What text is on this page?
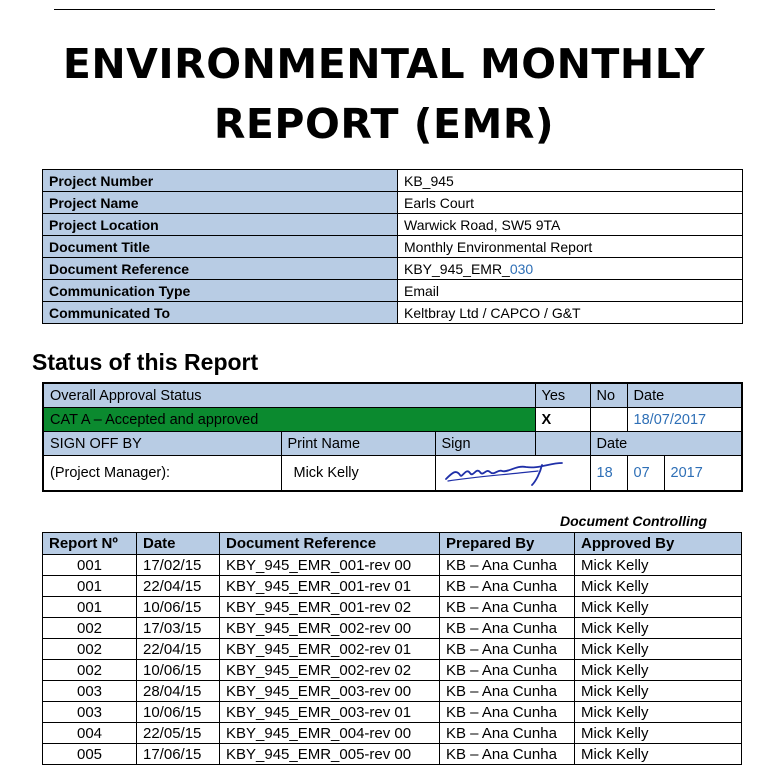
ENVIRONMENTAL MONTHLY
REPORT (EMR)
Project Number	KB_945
Project Name	Earls Court
Project Location	Warwick Road, SW5 9TA
Document Title	Monthly Environmental Report
Document Reference	KBY_945_EMR_030
Communication Type	Email
Communicated To	Keltbray Ltd / CAPCO / G&T
Status of this Report
Overall Approval Status			Yes	No	Date	
CAT A – Accepted and approved			X		18/07/2017	
SIGN OFF BY	Print Name	Sign		Date		
(Project Manager):	Mick Kelly			18	07	2017
Document Controlling
Report Nº	Date	Document Reference	Prepared By	Approved By
001	17/02/15	KBY_945_EMR_001-rev 00	KB – Ana Cunha	Mick Kelly
001	22/04/15	KBY_945_EMR_001-rev 01	KB – Ana Cunha	Mick Kelly
001	10/06/15	KBY_945_EMR_001-rev 02	KB – Ana Cunha	Mick Kelly
002	17/03/15	KBY_945_EMR_002-rev 00	KB – Ana Cunha	Mick Kelly
002	22/04/15	KBY_945_EMR_002-rev 01	KB – Ana Cunha	Mick Kelly
002	10/06/15	KBY_945_EMR_002-rev 02	KB – Ana Cunha	Mick Kelly
003	28/04/15	KBY_945_EMR_003-rev 00	KB – Ana Cunha	Mick Kelly
003	10/06/15	KBY_945_EMR_003-rev 01	KB – Ana Cunha	Mick Kelly
004	22/05/15	KBY_945_EMR_004-rev 00	KB – Ana Cunha	Mick Kelly
005	17/06/15	KBY_945_EMR_005-rev 00	KB – Ana Cunha	Mick Kelly
